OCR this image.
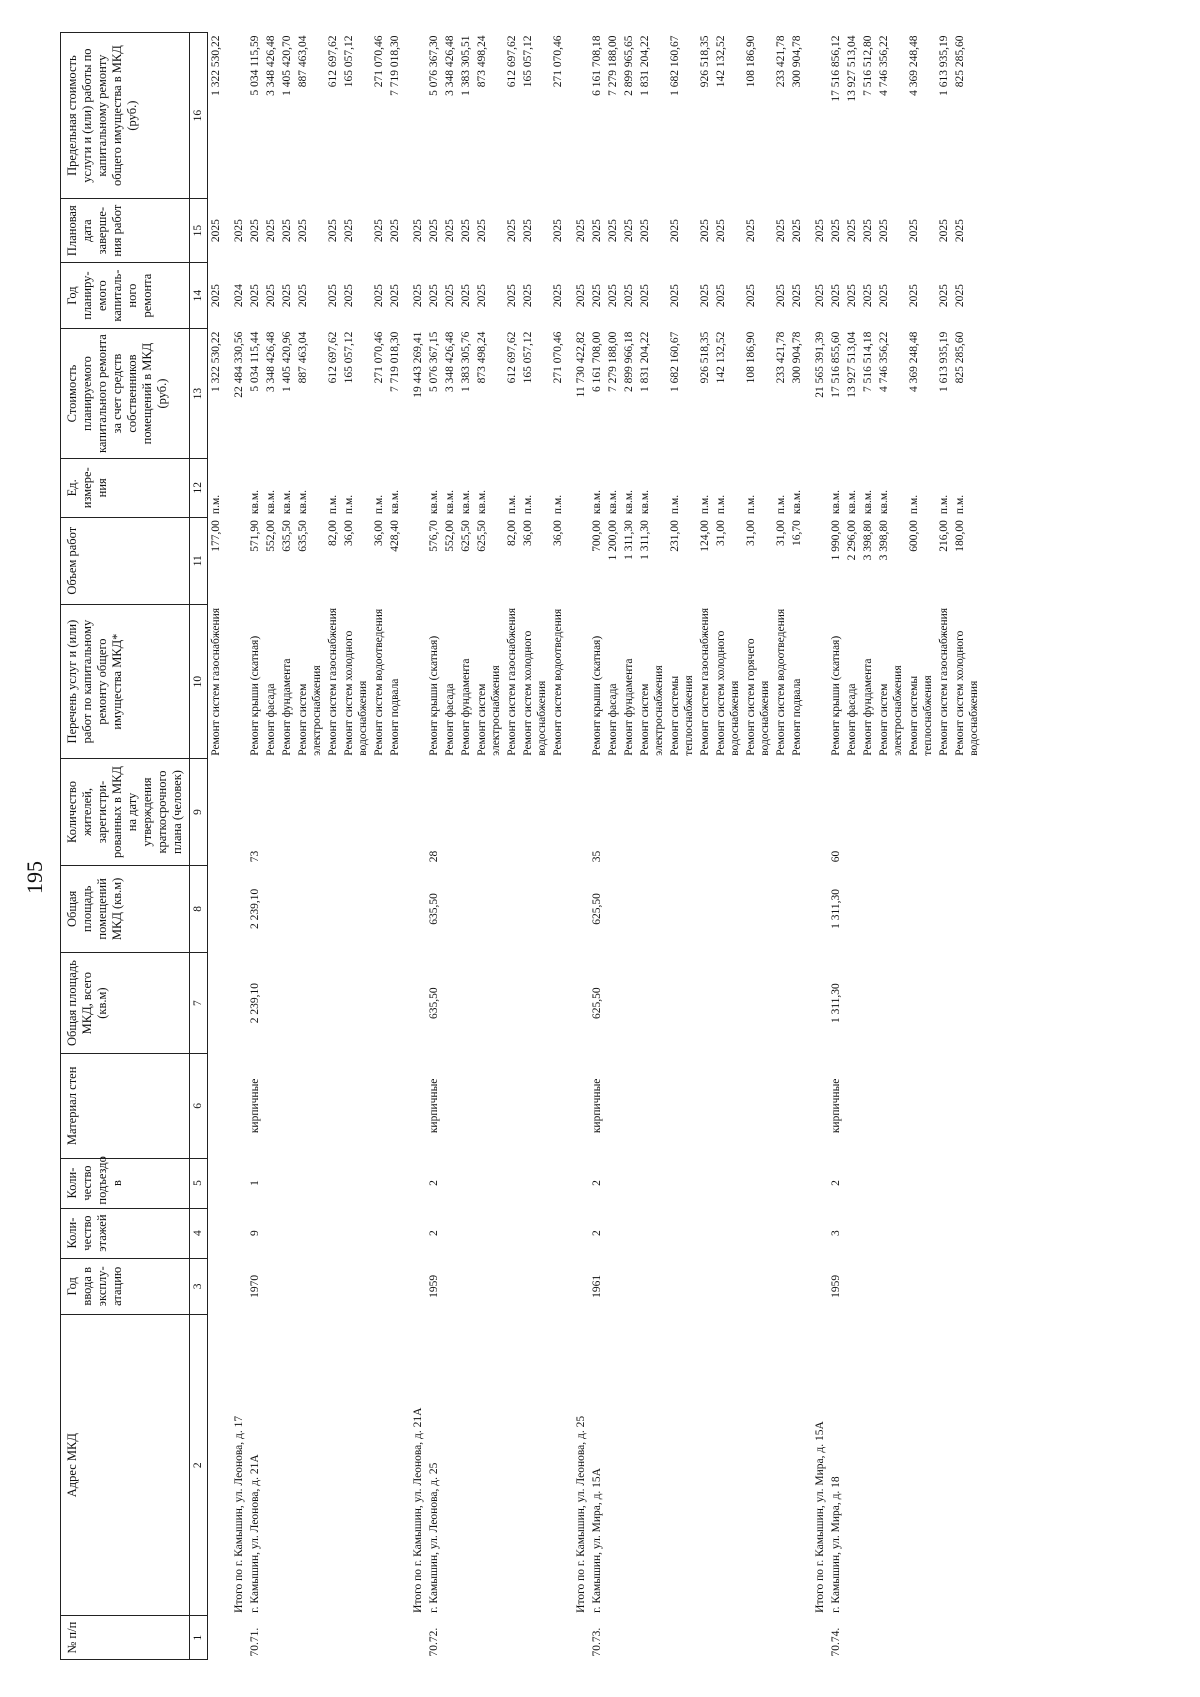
195
№ п/п	Адрес МКД	Год ввода в эксплу-атацию	Коли-чество этажей	Коли-чество подъездо в	Материал стен	Общая площадь МКД, всего (кв.м)	Общая площадь помещений МКД (кв.м)	Количество жителей, зарегистри-рованных в МКД на дату утверждения краткосрочного плана (человек)	Перечень услуг и (или) работ по капитальному ремонту общего имущества МКД*	Объем работ	Ед. измере-ния	Стоимость планируемого капитального ремонта за счет средств собственников помещений в МКД (руб.)	Год планиру-емого капиталь-ного ремонта	Плановая дата заверше-ния работ	Предельная стоимость услуги и (или) работы по капитальному ремонту общего имущества в МКД (руб.)
1	2	3	4	5	6	7	8	9	10	11	12	13	14	15	16
									Ремонт систем газоснабжения	177,00	п.м.	1 322 530,22	2025	2025	1 322 530,22
	Итого по г. Камышин, ул. Леонова, д. 17											22 484 330,56	2024	2025	
70.71.	г. Камышин, ул. Леонова, д. 21А	1970	9	1	кирпичные	2 239,10	2 239,10	73	Ремонт крыши (скатная)	571,90	кв.м.	5 034 115,44	2025	2025	5 034 115,59
									Ремонт фасада	552,00	кв.м.	3 348 426,48	2025	2025	3 348 426,48
									Ремонт фундамента	635,50	кв.м.	1 405 420,96	2025	2025	1 405 420,70
									Ремонт систем электроснабжения	635,50	кв.м.	887 463,04	2025	2025	887 463,04
									Ремонт систем газоснабжения	82,00	п.м.	612 697,62	2025	2025	612 697,62
									Ремонт систем холодного водоснабжения	36,00	п.м.	165 057,12	2025	2025	165 057,12
									Ремонт систем водоотведения	36,00	п.м.	271 070,46	2025	2025	271 070,46
									Ремонт подвала	428,40	кв.м.	7 719 018,30	2025	2025	7 719 018,30
	Итого по г. Камышин, ул. Леонова, д. 21А											19 443 269,41	2025	2025	
70.72.	г. Камышин, ул. Леонова, д. 25	1959	2	2	кирпичные	635,50	635,50	28	Ремонт крыши (скатная)	576,70	кв.м.	5 076 367,15	2025	2025	5 076 367,30
									Ремонт фасада	552,00	кв.м.	3 348 426,48	2025	2025	3 348 426,48
									Ремонт фундамента	625,50	кв.м.	1 383 305,76	2025	2025	1 383 305,51
									Ремонт систем электроснабжения	625,50	кв.м.	873 498,24	2025	2025	873 498,24
									Ремонт систем газоснабжения	82,00	п.м.	612 697,62	2025	2025	612 697,62
									Ремонт систем холодного водоснабжения	36,00	п.м.	165 057,12	2025	2025	165 057,12
									Ремонт систем водоотведения	36,00	п.м.	271 070,46	2025	2025	271 070,46
	Итого по г. Камышин, ул. Леонова, д. 25											11 730 422,82	2025	2025	
70.73.	г. Камышин, ул. Мира, д. 15А	1961	2	2	кирпичные	625,50	625,50	35	Ремонт крыши (скатная)	700,00	кв.м.	6 161 708,00	2025	2025	6 161 708,18
									Ремонт фасада	1 200,00	кв.м.	7 279 188,00	2025	2025	7 279 188,00
									Ремонт фундамента	1 311,30	кв.м.	2 899 966,18	2025	2025	2 899 965,65
									Ремонт систем электроснабжения	1 311,30	кв.м.	1 831 204,22	2025	2025	1 831 204,22
									Ремонт системы теплоснабжения	231,00	п.м.	1 682 160,67	2025	2025	1 682 160,67
									Ремонт систем газоснабжения	124,00	п.м.	926 518,35	2025	2025	926 518,35
									Ремонт систем холодного водоснабжения	31,00	п.м.	142 132,52	2025	2025	142 132,52
									Ремонт систем горячего водоснабжения	31,00	п.м.	108 186,90	2025	2025	108 186,90
									Ремонт систем водоотведения	31,00	п.м.	233 421,78	2025	2025	233 421,78
									Ремонт подвала	16,70	кв.м.	300 904,78	2025	2025	300 904,78
	Итого по г. Камышин, ул. Мира, д. 15А											21 565 391,39	2025	2025	
70.74.	г. Камышин, ул. Мира, д. 18	1959	3	2	кирпичные	1 311,30	1 311,30	60	Ремонт крыши (скатная)	1 990,00	кв.м.	17 516 855,60	2025	2025	17 516 856,12
									Ремонт фасада	2 296,00	кв.м.	13 927 513,04	2025	2025	13 927 513,04
									Ремонт фундамента	3 398,80	кв.м.	7 516 514,18	2025	2025	7 516 512,80
									Ремонт систем электроснабжения	3 398,80	кв.м.	4 746 356,22	2025	2025	4 746 356,22
									Ремонт системы теплоснабжения	600,00	п.м.	4 369 248,48	2025	2025	4 369 248,48
									Ремонт систем газоснабжения	216,00	п.м.	1 613 935,19	2025	2025	1 613 935,19
									Ремонт систем холодного водоснабжения	180,00	п.м.	825 285,60	2025	2025	825 285,60
